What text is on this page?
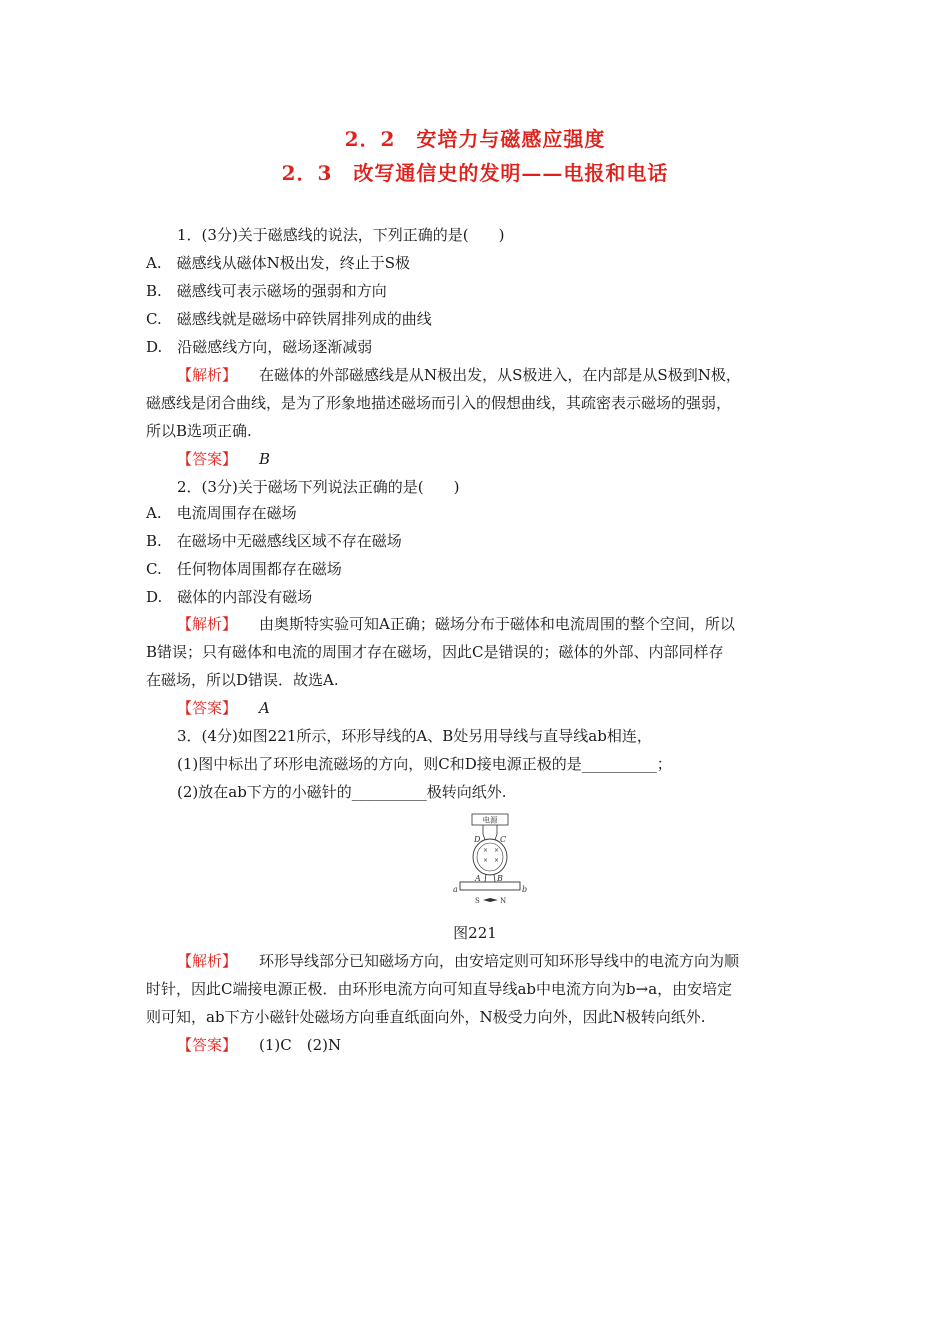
2．2　安培力与磁感应强度
2．3　改写通信史的发明——电报和电话
1．(3分)关于磁感线的说法，下列正确的是(　　)
A.　磁感线从磁体N极出发，终止于S极
B.　磁感线可表示磁场的强弱和方向
C.　磁感线就是磁场中碎铁屑排列成的曲线
D.　沿磁感线方向，磁场逐渐减弱
【解析】 在磁体的外部磁感线是从N极出发，从S极进入，在内部是从S极到N极，
磁感线是闭合曲线，是为了形象地描述磁场而引入的假想曲线，其疏密表示磁场的强弱，
所以B选项正确.
【答案】 B
2．(3分)关于磁场下列说法正确的是(　　)
A.　电流周围存在磁场
B.　在磁场中无磁感线区域不存在磁场
C.　任何物体周围都存在磁场
D.　磁体的内部没有磁场
【解析】 由奥斯特实验可知A正确；磁场分布于磁体和电流周围的整个空间，所以
B错误；只有磁体和电流的周围才存在磁场，因此C是错误的；磁体的外部、内部同样存
在磁场，所以D错误．故选A.
【答案】 A
3．(4分)如图221所示，环形导线的A、B处另用导线与直导线ab相连，
(1)图中标出了环形电流磁场的方向，则C和D接电源正极的是__________；
(2)放在ab下方的小磁针的__________极转向纸外.
电源
D C
× ×
× ×
A B
a	b
S	N
图221
【解析】 环形导线部分已知磁场方向，由安培定则可知环形导线中的电流方向为顺
时针，因此C端接电源正极．由环形电流方向可知直导线ab中电流方向为b→a，由安培定
则可知，ab下方小磁针处磁场方向垂直纸面向外，N极受力向外，因此N极转向纸外.
【答案】 (1)C　(2)N
